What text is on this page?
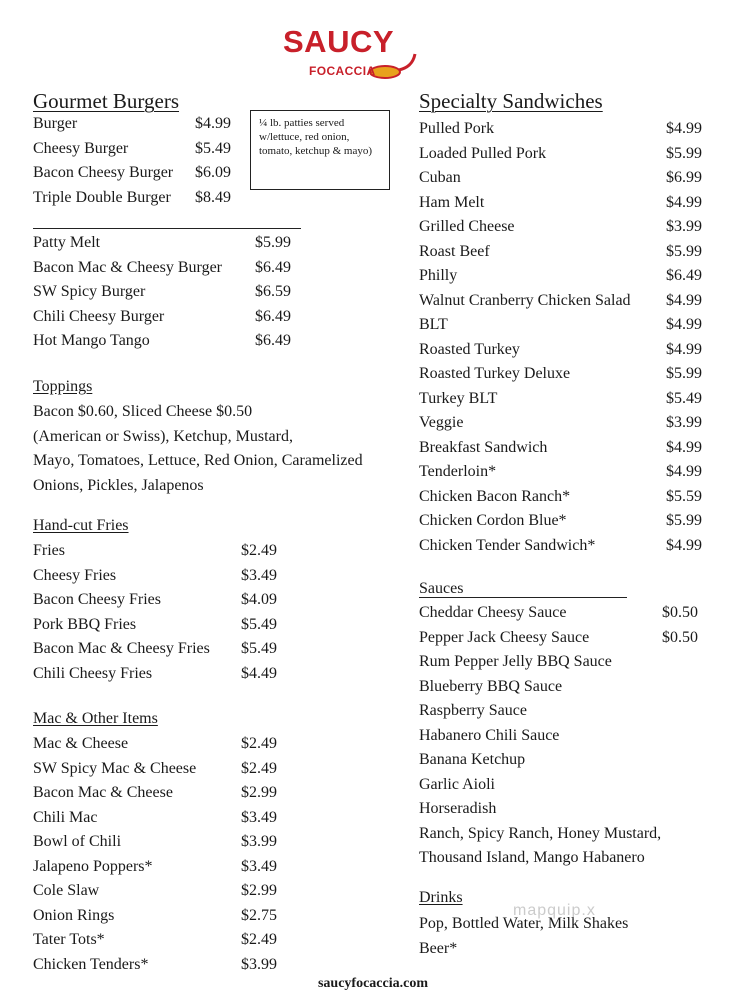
SAUCY
FOCACCIA
Gourmet Burgers
¼ lb. patties served w/lettuce, red onion, tomato, ketchup & mayo)
Burger	$4.99
Cheesy Burger	$5.49
Bacon Cheesy Burger $6.09
Triple Double Burger $8.49
Patty Melt	$5.99
Bacon Mac & Cheesy Burger $6.49
SW Spicy Burger	$6.59
Chili Cheesy Burger	$6.49
Hot Mango Tango	$6.49
Toppings
Bacon $0.60, Sliced Cheese $0.50
(American or Swiss), Ketchup, Mustard,
Mayo, Tomatoes, Lettuce, Red Onion, Caramelized
Onions, Pickles, Jalapenos
Hand-cut Fries
Fries	$2.49
Cheesy Fries	$3.49
Bacon Cheesy Fries	$4.09
Pork BBQ Fries	$5.49
Bacon Mac & Cheesy Fries $5.49
Chili Cheesy Fries	$4.49
Mac & Other Items
Mac & Cheese	$2.49
SW Spicy Mac & Cheese	$2.49
Bacon Mac & Cheese	$2.99
Chili Mac	$3.49
Bowl of Chili	$3.99
Jalapeno Poppers*	$3.49
Cole Slaw	$2.99
Onion Rings	$2.75
Tater Tots*	$2.49
Chicken Tenders*	$3.99
Specialty Sandwiches
Pulled Pork	$4.99
Loaded Pulled Pork	$5.99
Cuban	$6.99
Ham Melt	$4.99
Grilled Cheese	$3.99
Roast Beef	$5.99
Philly	$6.49
Walnut Cranberry Chicken Salad $4.99
BLT	$4.99
Roasted Turkey	$4.99
Roasted Turkey Deluxe	$5.99
Turkey BLT	$5.49
Veggie	$3.99
Breakfast Sandwich	$4.99
Tenderloin*	$4.99
Chicken Bacon Ranch*	$5.59
Chicken Cordon Blue*	$5.99
Chicken Tender Sandwich*	$4.99
Sauces
Cheddar Cheesy Sauce	$0.50
Pepper Jack Cheesy Sauce	$0.50
Rum Pepper Jelly BBQ Sauce
Blueberry BBQ Sauce
Raspberry Sauce
Habanero Chili Sauce
Banana Ketchup
Garlic Aioli
Horseradish
Ranch, Spicy Ranch, Honey Mustard,
Thousand Island, Mango Habanero
Drinks
Pop, Bottled Water, Milk Shakes
Beer*
mapquip.x
saucyfocaccia.com
